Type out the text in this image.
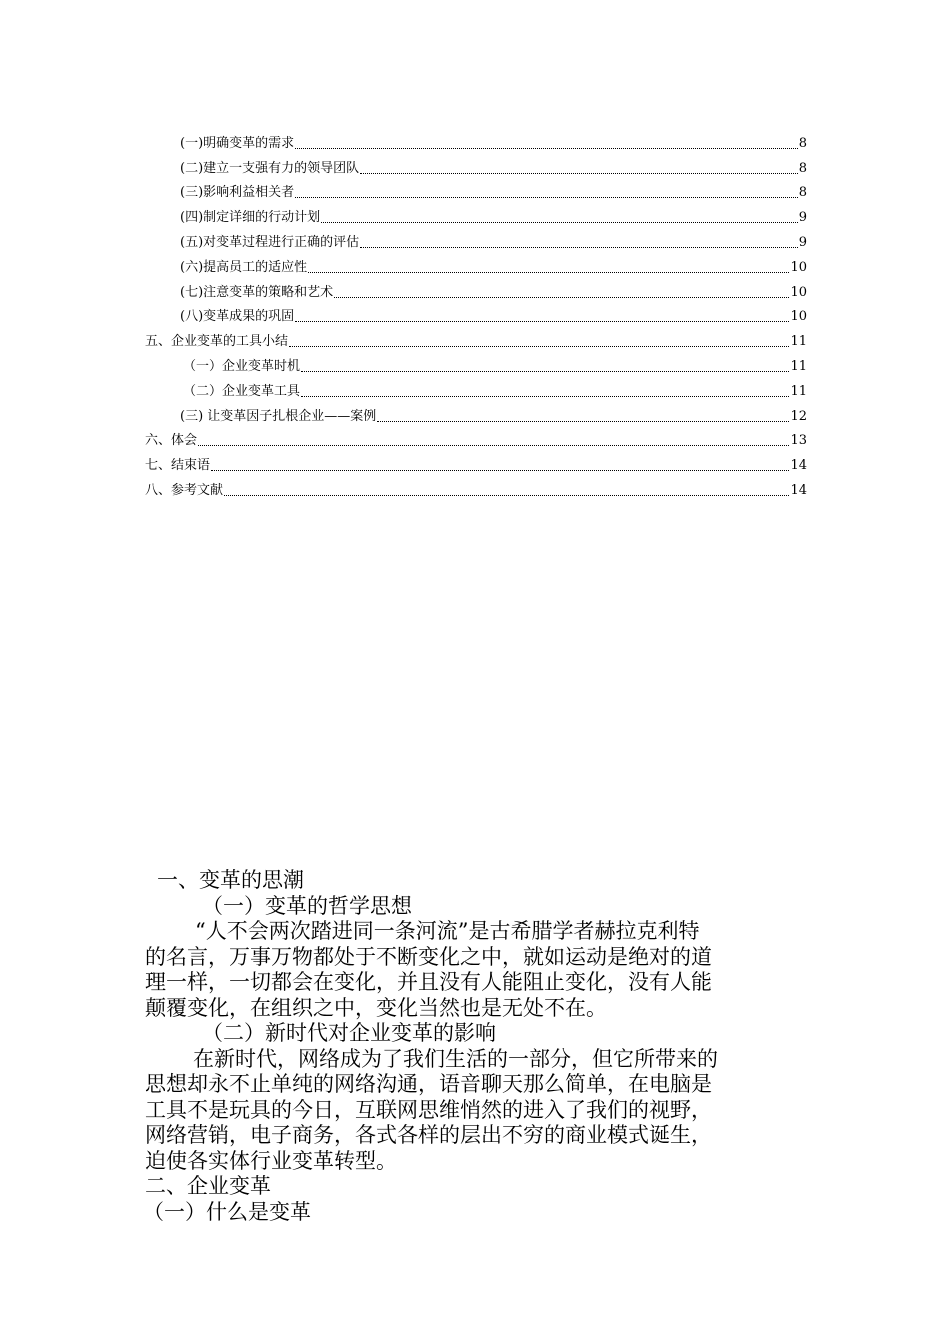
(一)明确变革的需求	8
(二)建立一支强有力的领导团队	8
(三)影响利益相关者	8
(四)制定详细的行动计划	9
(五)对变革过程进行正确的评估	9
(六)提高员工的适应性	10
(七)注意变革的策略和艺术	10
(八)变革成果的巩固	10
五、企业变革的工具小结	11
（一）企业变革时机	11
（二）企业变革工具	11
(三) 让变革因子扎根企业——案例	12
六、体会	13
七、结束语	14
八、参考文献	14
一、变革的思潮
（一）变革的哲学思想
“人不会两次踏进同一条河流”是古希腊学者赫拉克利特
的名言，万事万物都处于不断变化之中，就如运动是绝对的道
理一样，一切都会在变化，并且没有人能阻止变化，没有人能
颠覆变化，在组织之中，变化当然也是无处不在。
（二）新时代对企业变革的影响
在新时代，网络成为了我们生活的一部分，但它所带来的
思想却永不止单纯的网络沟通，语音聊天那么简单，在电脑是
工具不是玩具的今日，互联网思维悄然的进入了我们的视野，
网络营销，电子商务，各式各样的层出不穷的商业模式诞生，
迫使各实体行业变革转型。
二、企业变革
（一）什么是变革
